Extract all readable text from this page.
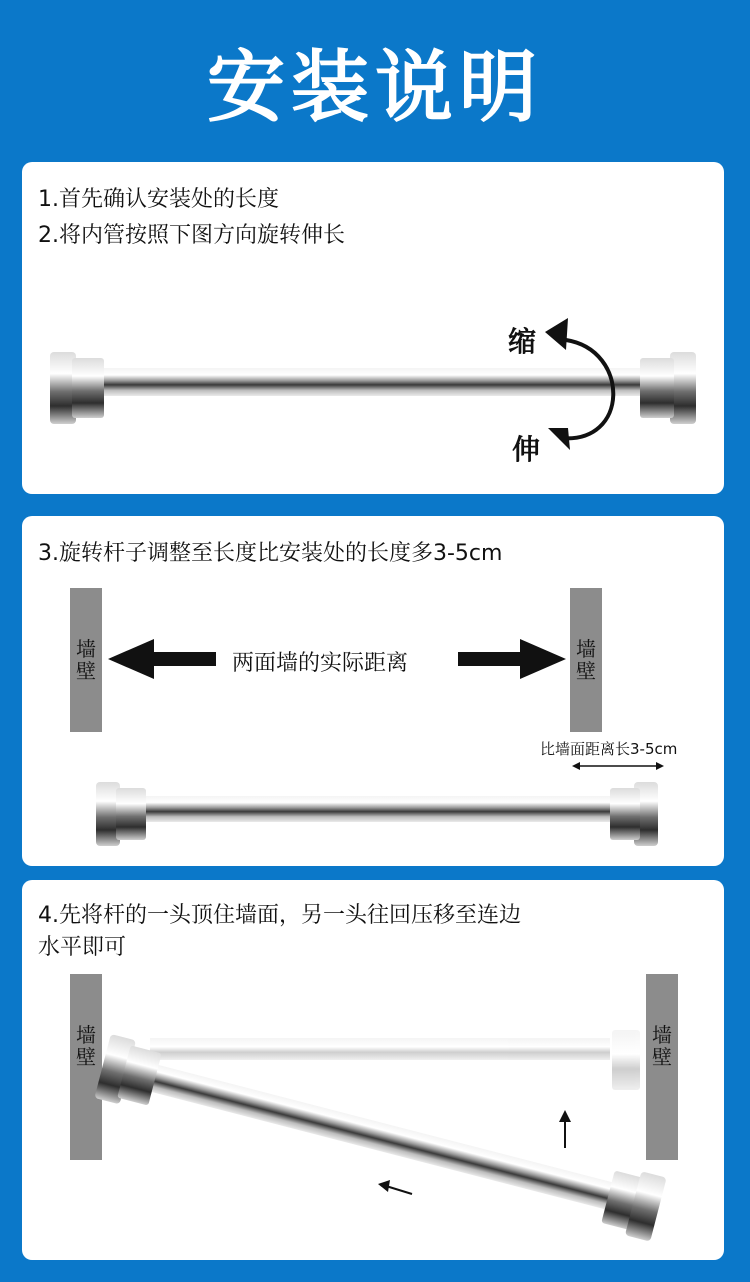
安装说明
1.首先确认安装处的长度
2.将内管按照下图方向旋转伸长
缩
伸
3.旋转杆子调整至长度比安装处的长度多3-5cm
墙
壁
墙
壁
两面墙的实际距离
比墙面距离长3-5cm
4.先将杆的一头顶住墙面，另一头往回压移至连边
水平即可
墙
壁
墙
壁
